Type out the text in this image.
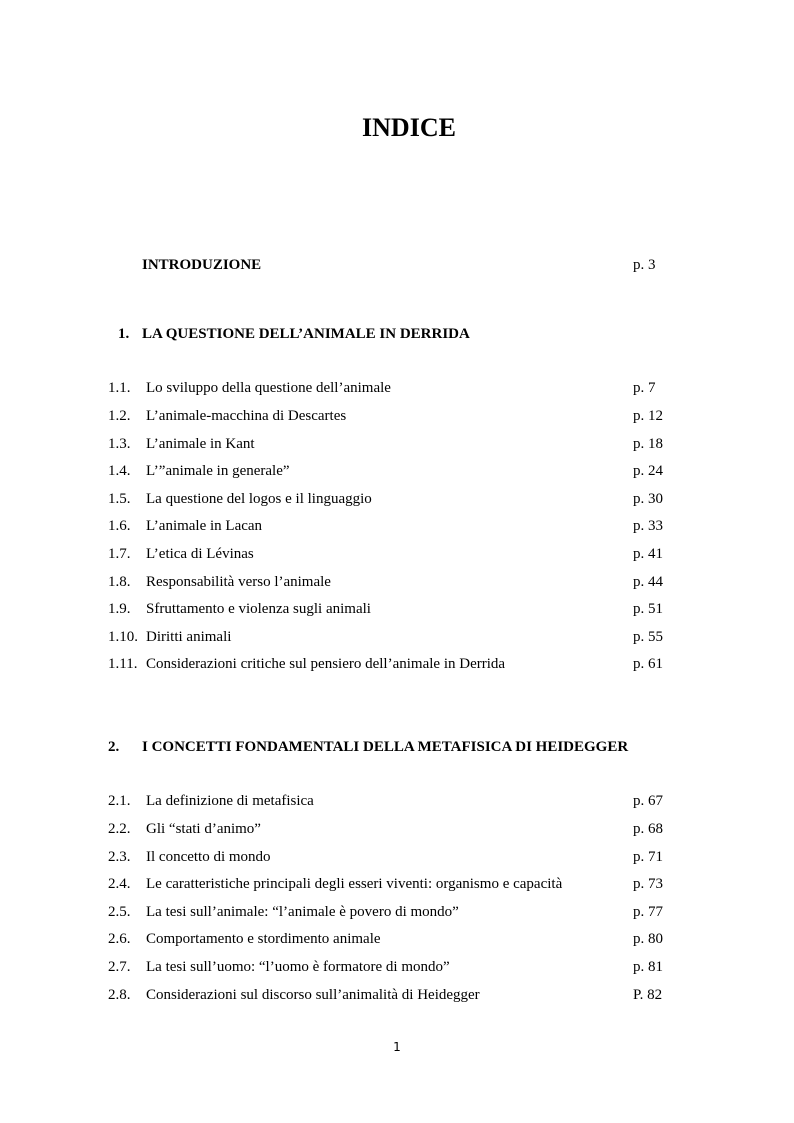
INDICE
INTRODUZIONE	p. 3
1. LA QUESTIONE DELL’ANIMALE IN DERRIDA
1.1. Lo sviluppo della questione dell’animale	p. 7
1.2. L’animale-macchina di Descartes	p. 12
1.3. L’animale in Kant	p. 18
1.4. L’”animale in generale”	p. 24
1.5. La questione del logos e il linguaggio	p. 30
1.6. L’animale in Lacan	p. 33
1.7. L’etica di Lévinas	p. 41
1.8. Responsabilità verso l’animale	p. 44
1.9. Sfruttamento e violenza sugli animali	p. 51
1.10. Diritti animali	p. 55
1.11. Considerazioni critiche sul pensiero dell’animale in Derrida	p. 61
2. I CONCETTI FONDAMENTALI DELLA METAFISICA DI HEIDEGGER
2.1. La definizione di metafisica	p. 67
2.2. Gli “stati d’animo”	p. 68
2.3. Il concetto di mondo	p. 71
2.4. Le caratteristiche principali degli esseri viventi: organismo e capacità	p. 73
2.5. La tesi sull’animale: “l’animale è povero di mondo”	p. 77
2.6. Comportamento e stordimento animale	p. 80
2.7. La tesi sull’uomo: “l’uomo è formatore di mondo”	p. 81
2.8. Considerazioni sul discorso sull’animalità di Heidegger	P. 82
1
